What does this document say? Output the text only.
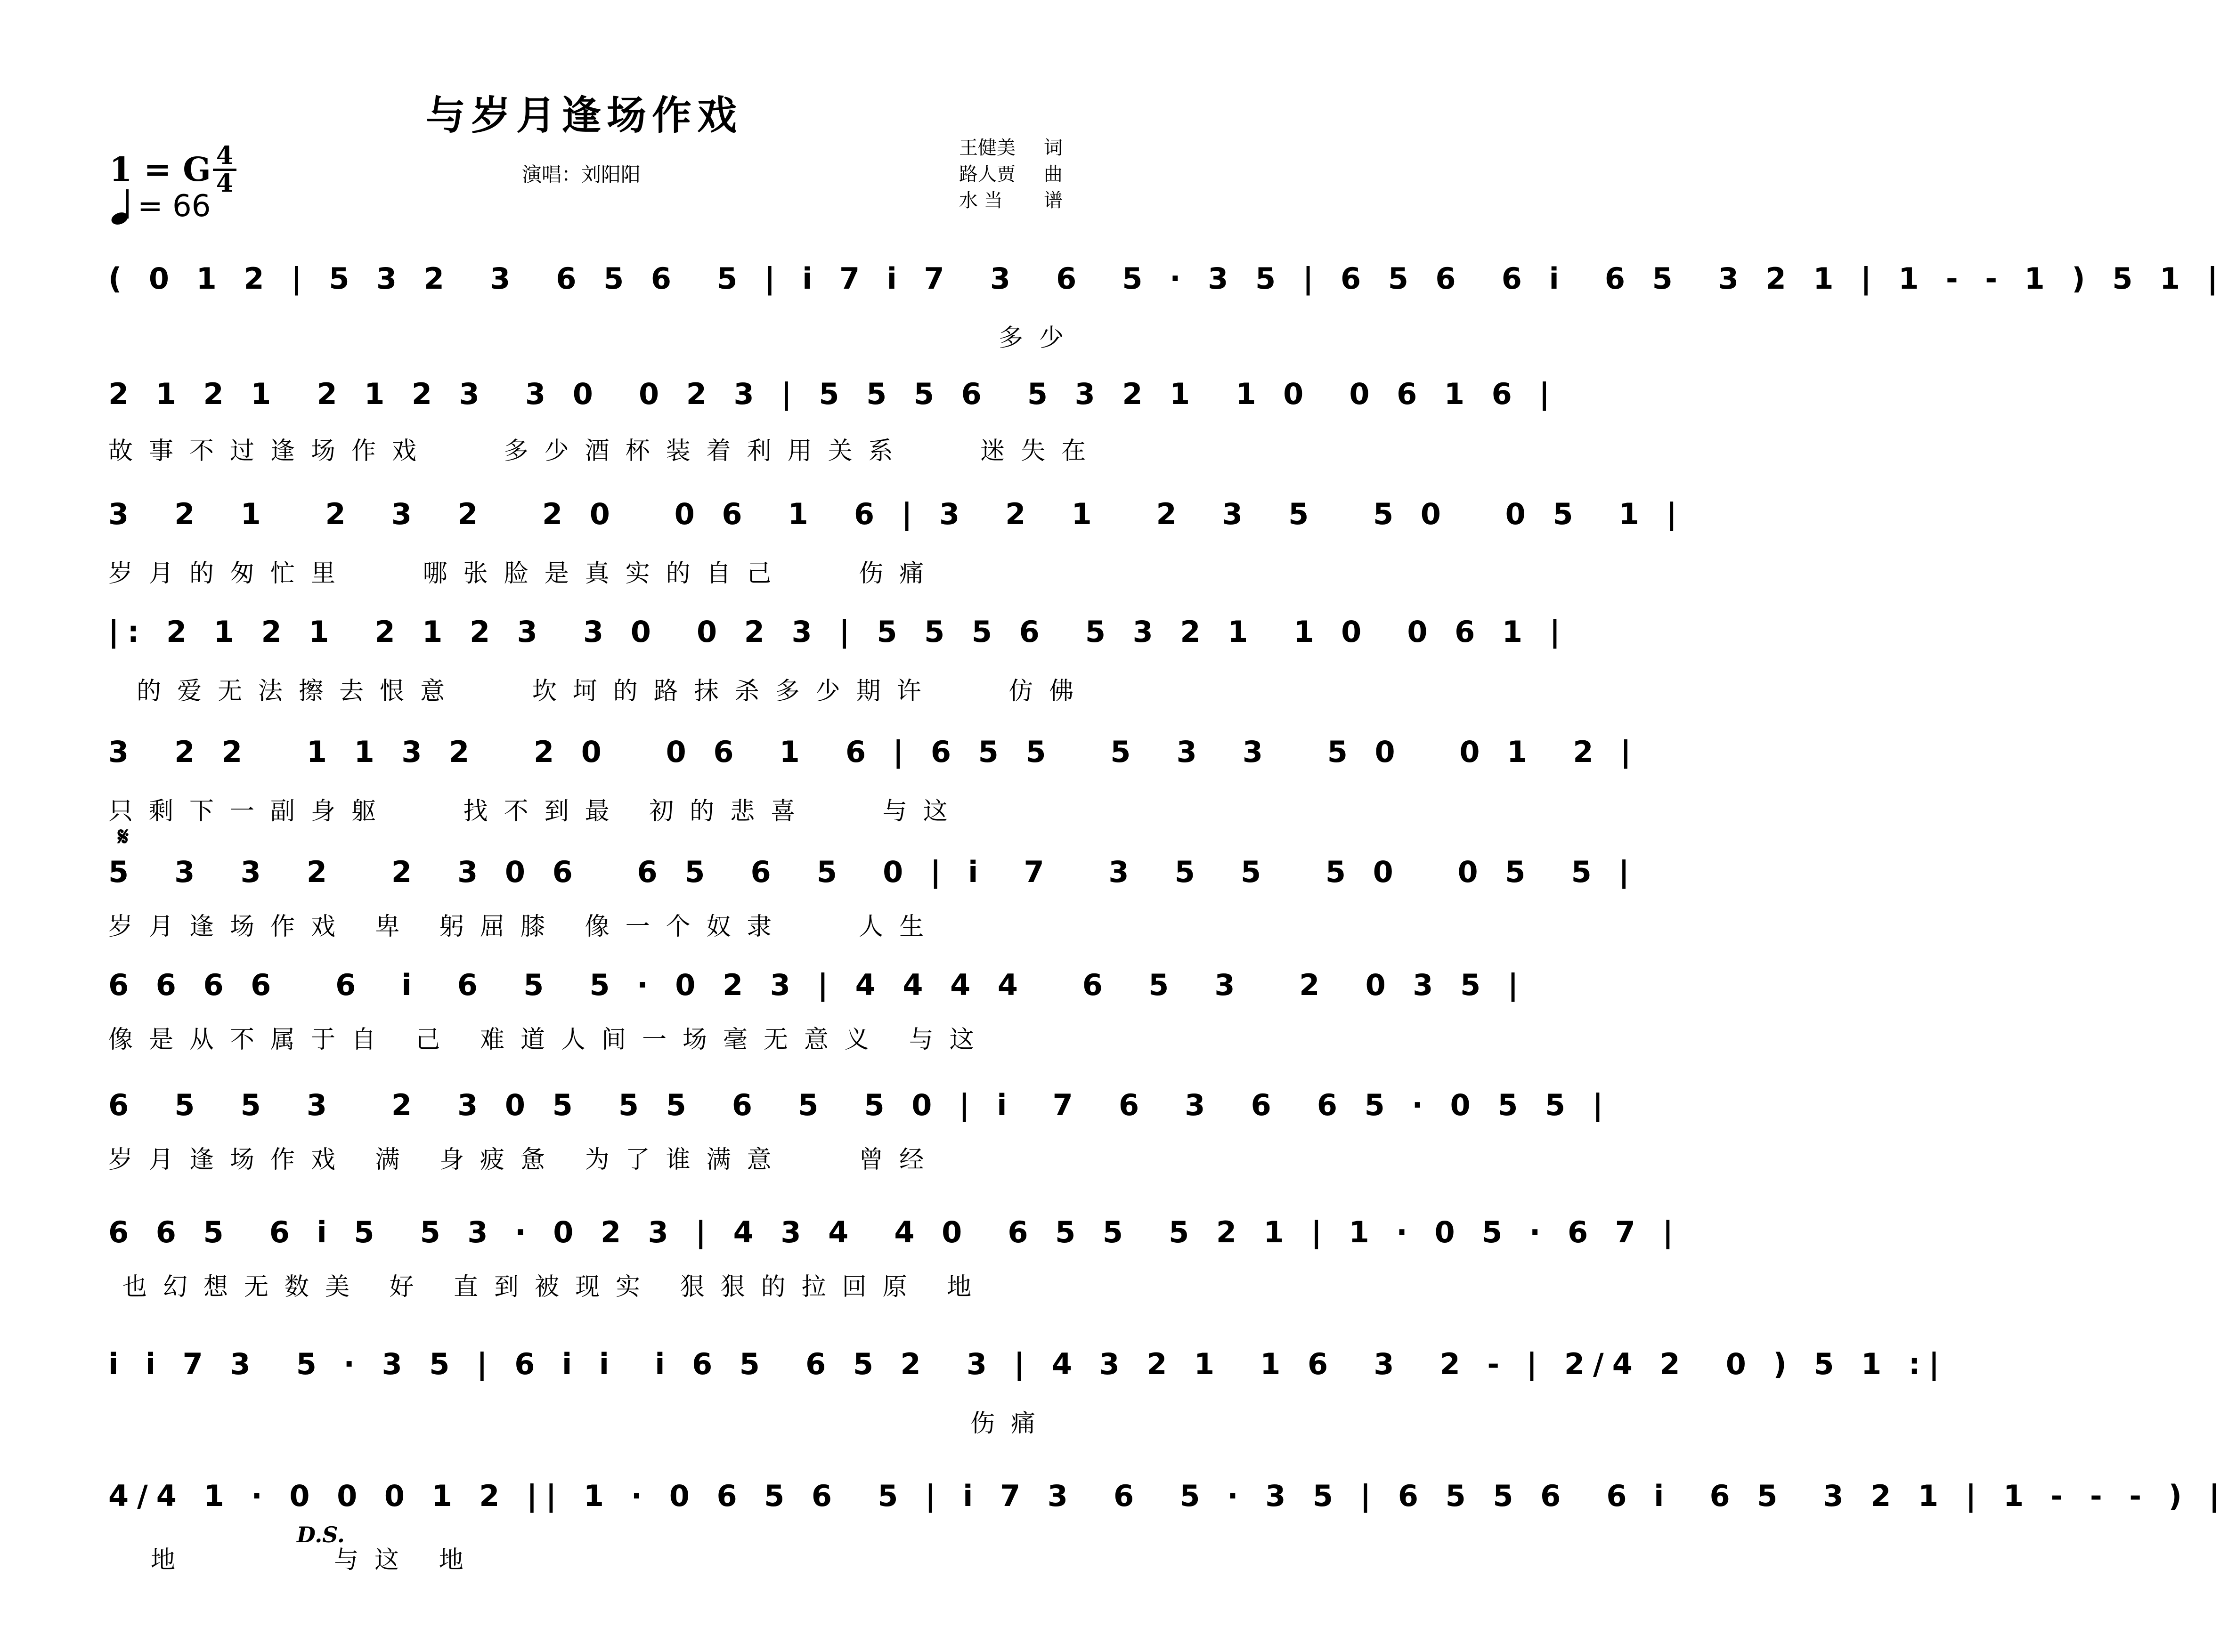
与岁月逢场作戏
1 = G 4
4
= 66
演唱：刘阳阳
王健美 词
路人贾 曲
水 当 谱
( 0 1 2 | 5 3 2  3  6 5 6  5 | i 7 i 7  3  6  5 · 3 5 | 6 5 6  6 i  6 5  3 2 1 | 1 - - 1 ) 5 1 |
多少
2 1 2 1  2 1 2 3  3 0  0 2 3 | 5 5 5 6  5 3 2 1  1 0  0 6 1 6 |
故事不过逢场作戏   多少酒杯装着利用关系   迷失在
3  2  1   2  3  2   2 0   0 6  1  6 | 3  2  1   2  3  5   5 0   0 5  1 |
岁月的匆忙里   哪张脸是真实的自己   伤痛
|: 2 1 2 1  2 1 2 3  3 0  0 2 3 | 5 5 5 6  5 3 2 1  1 0  0 6 1 |
的爱无法擦去恨意   坎坷的路抹杀多少期许   仿佛
3  2 2   1 1 3 2   2 0   0 6  1  6 | 6 5 5   5  3  3   5 0   0 1  2 |
只剩下一副身躯   找不到最 初的悲喜   与这
𝄋
5  3  3  2   2  3 0 6   6 5  6  5  0 | i  7   3  5  5   5 0   0 5  5 |
岁月逢场作戏 卑 躬屈膝 像一个奴隶   人生
6 6 6 6   6  i  6  5  5 · 0 2 3 | 4 4 4 4   6  5  3   2  0 3 5 |
像是从不属于自 己 难道人间一场毫无意义 与这
6  5  5  3   2  3 0 5  5 5  6  5  5 0 | i  7  6  3  6  6 5 · 0 5 5 |
岁月逢场作戏 满 身疲惫 为了谁满意   曾经
6 6 5  6 i 5  5 3 · 0 2 3 | 4 3 4  4 0  6 5 5  5 2 1 | 1 · 0 5 · 6 7 |
也幻想无数美 好 直到被现实 狠狠的拉回原 地
i i 7 3  5 · 3 5 | 6 i i  i 6 5  6 5 2  3 | 4 3 2 1  1 6  3  2 - | 2/4 2  0 ) 5 1 :|
伤痛
4/4 1 · 0 0 0 1 2 || 1 · 0 6 5 6  5 | i 7 3  6  5 · 3 5 | 6 5 5 6  6 i  6 5  3 2 1 | 1 - - - ) |
D.S.
地      与这 地
